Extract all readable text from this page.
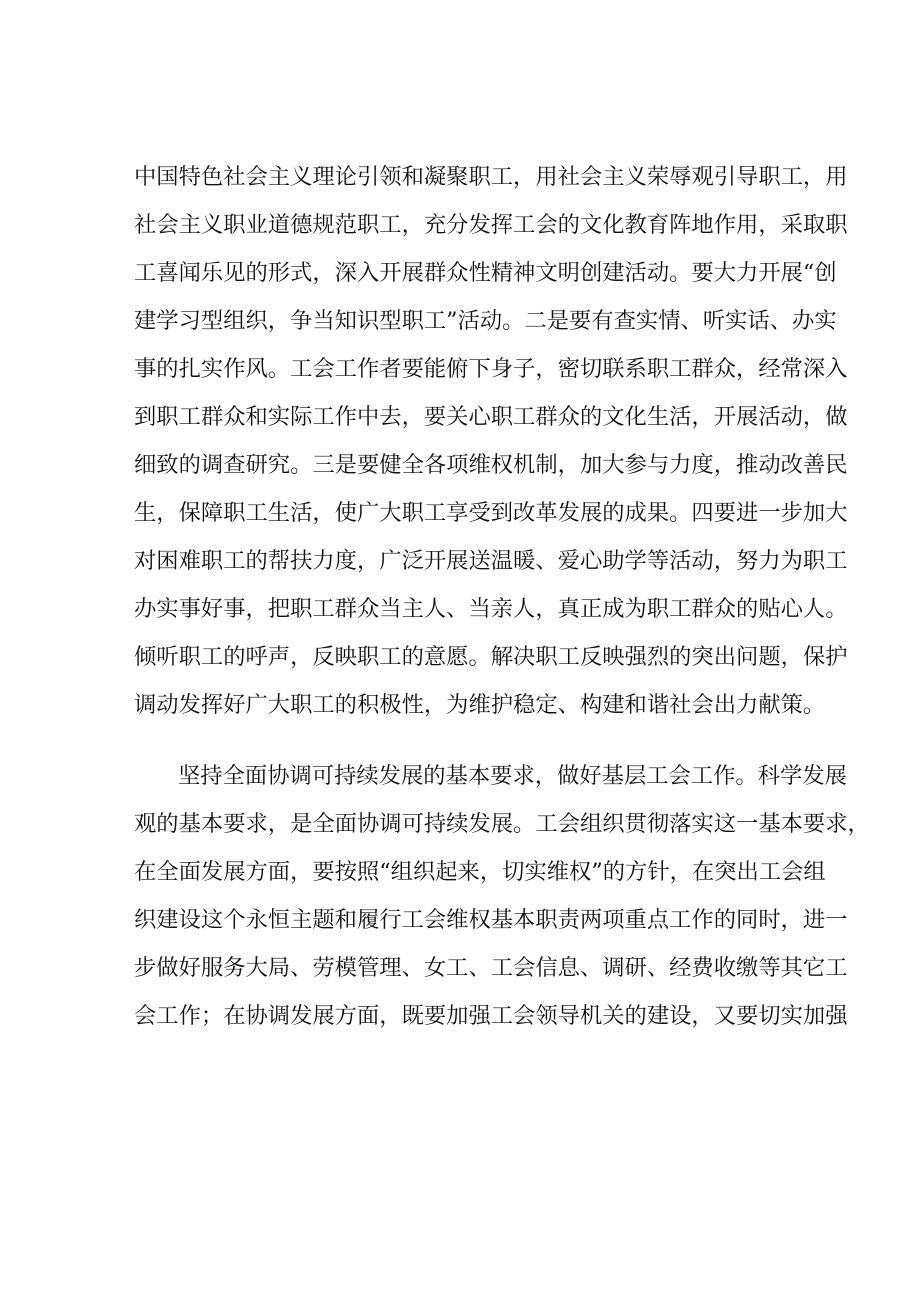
中国特色社会主义理论引领和凝聚职工，用社会主义荣辱观引导职工，用
社会主义职业道德规范职工，充分发挥工会的文化教育阵地作用，采取职
工喜闻乐见的形式，深入开展群众性精神文明创建活动。要大力开展“创
建学习型组织，争当知识型职工”活动。二是要有查实情、听实话、办实
事的扎实作风。工会工作者要能俯下身子，密切联系职工群众，经常深入
到职工群众和实际工作中去，要关心职工群众的文化生活，开展活动，做
细致的调查研究。三是要健全各项维权机制，加大参与力度，推动改善民
生，保障职工生活，使广大职工享受到改革发展的成果。四要进一步加大
对困难职工的帮扶力度，广泛开展送温暖、爱心助学等活动，努力为职工
办实事好事，把职工群众当主人、当亲人，真正成为职工群众的贴心人。
倾听职工的呼声，反映职工的意愿。解决职工反映强烈的突出问题，保护
调动发挥好广大职工的积极性，为维护稳定、构建和谐社会出力献策。
坚持全面协调可持续发展的基本要求，做好基层工会工作。科学发展
观的基本要求，是全面协调可持续发展。工会组织贯彻落实这一基本要求，
在全面发展方面，要按照“组织起来，切实维权”的方针，在突出工会组
织建设这个永恒主题和履行工会维权基本职责两项重点工作的同时，进一
步做好服务大局、劳模管理、女工、工会信息、调研、经费收缴等其它工
会工作；在协调发展方面，既要加强工会领导机关的建设，又要切实加强
